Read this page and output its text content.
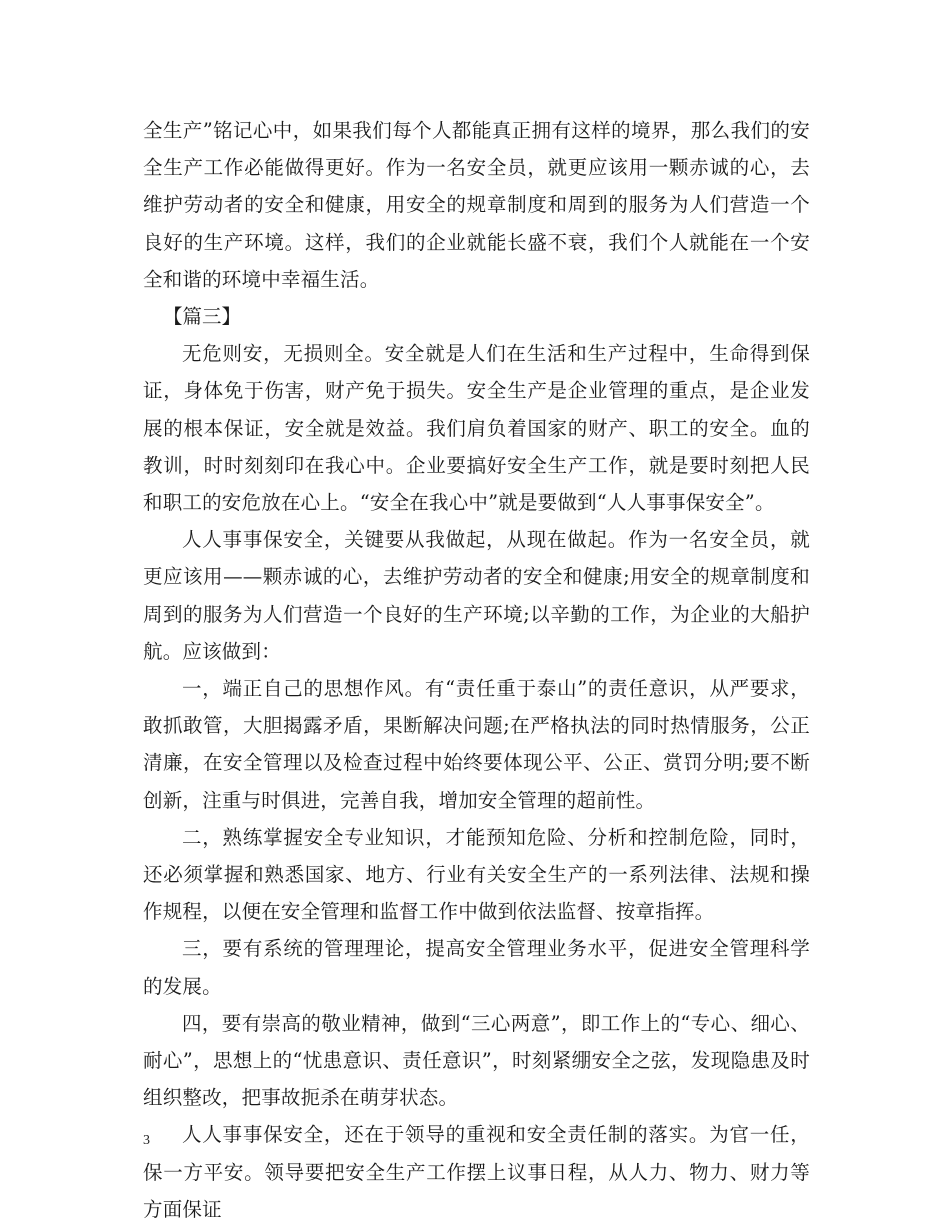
全生产”铭记心中，如果我们每个人都能真正拥有这样的境界，那么我们的安全生产工作必能做得更好。作为一名安全员，就更应该用一颗赤诚的心，去维护劳动者的安全和健康，用安全的规章制度和周到的服务为人们营造一个良好的生产环境。这样，我们的企业就能长盛不衰，我们个人就能在一个安全和谐的环境中幸福生活。

【篇三】

无危则安，无损则全。安全就是人们在生活和生产过程中，生命得到保证，身体免于伤害，财产免于损失。安全生产是企业管理的重点，是企业发展的根本保证，安全就是效益。我们肩负着国家的财产、职工的安全。血的教训，时时刻刻印在我心中。企业要搞好安全生产工作，就是要时刻把人民和职工的安危放在心上。“安全在我心中”就是要做到“人人事事保安全”。

人人事事保安全，关键要从我做起，从现在做起。作为一名安全员，就更应该用——颗赤诚的心，去维护劳动者的安全和健康;用安全的规章制度和周到的服务为人们营造一个良好的生产环境;以辛勤的工作，为企业的大船护航。应该做到：

一，端正自己的思想作风。有“责任重于泰山”的责任意识，从严要求，敢抓敢管，大胆揭露矛盾，果断解决问题;在严格执法的同时热情服务，公正清廉，在安全管理以及检查过程中始终要体现公平、公正、赏罚分明;要不断创新，注重与时俱进，完善自我，增加安全管理的超前性。

二，熟练掌握安全专业知识，才能预知危险、分析和控制危险，同时，还必须掌握和熟悉国家、地方、行业有关安全生产的一系列法律、法规和操作规程，以便在安全管理和监督工作中做到依法监督、按章指挥。

三，要有系统的管理理论，提高安全管理业务水平，促进安全管理科学的发展。

四，要有崇高的敬业精神，做到“三心两意”，即工作上的“专心、细心、耐心”，思想上的“忧患意识、责任意识”，时刻紧绷安全之弦，发现隐患及时组织整改，把事故扼杀在萌芽状态。

人人事事保安全，还在于领导的重视和安全责任制的落实。为官一任，保一方平安。领导要把安全生产工作摆上议事日程，从人力、物力、财力等方面保证

3
